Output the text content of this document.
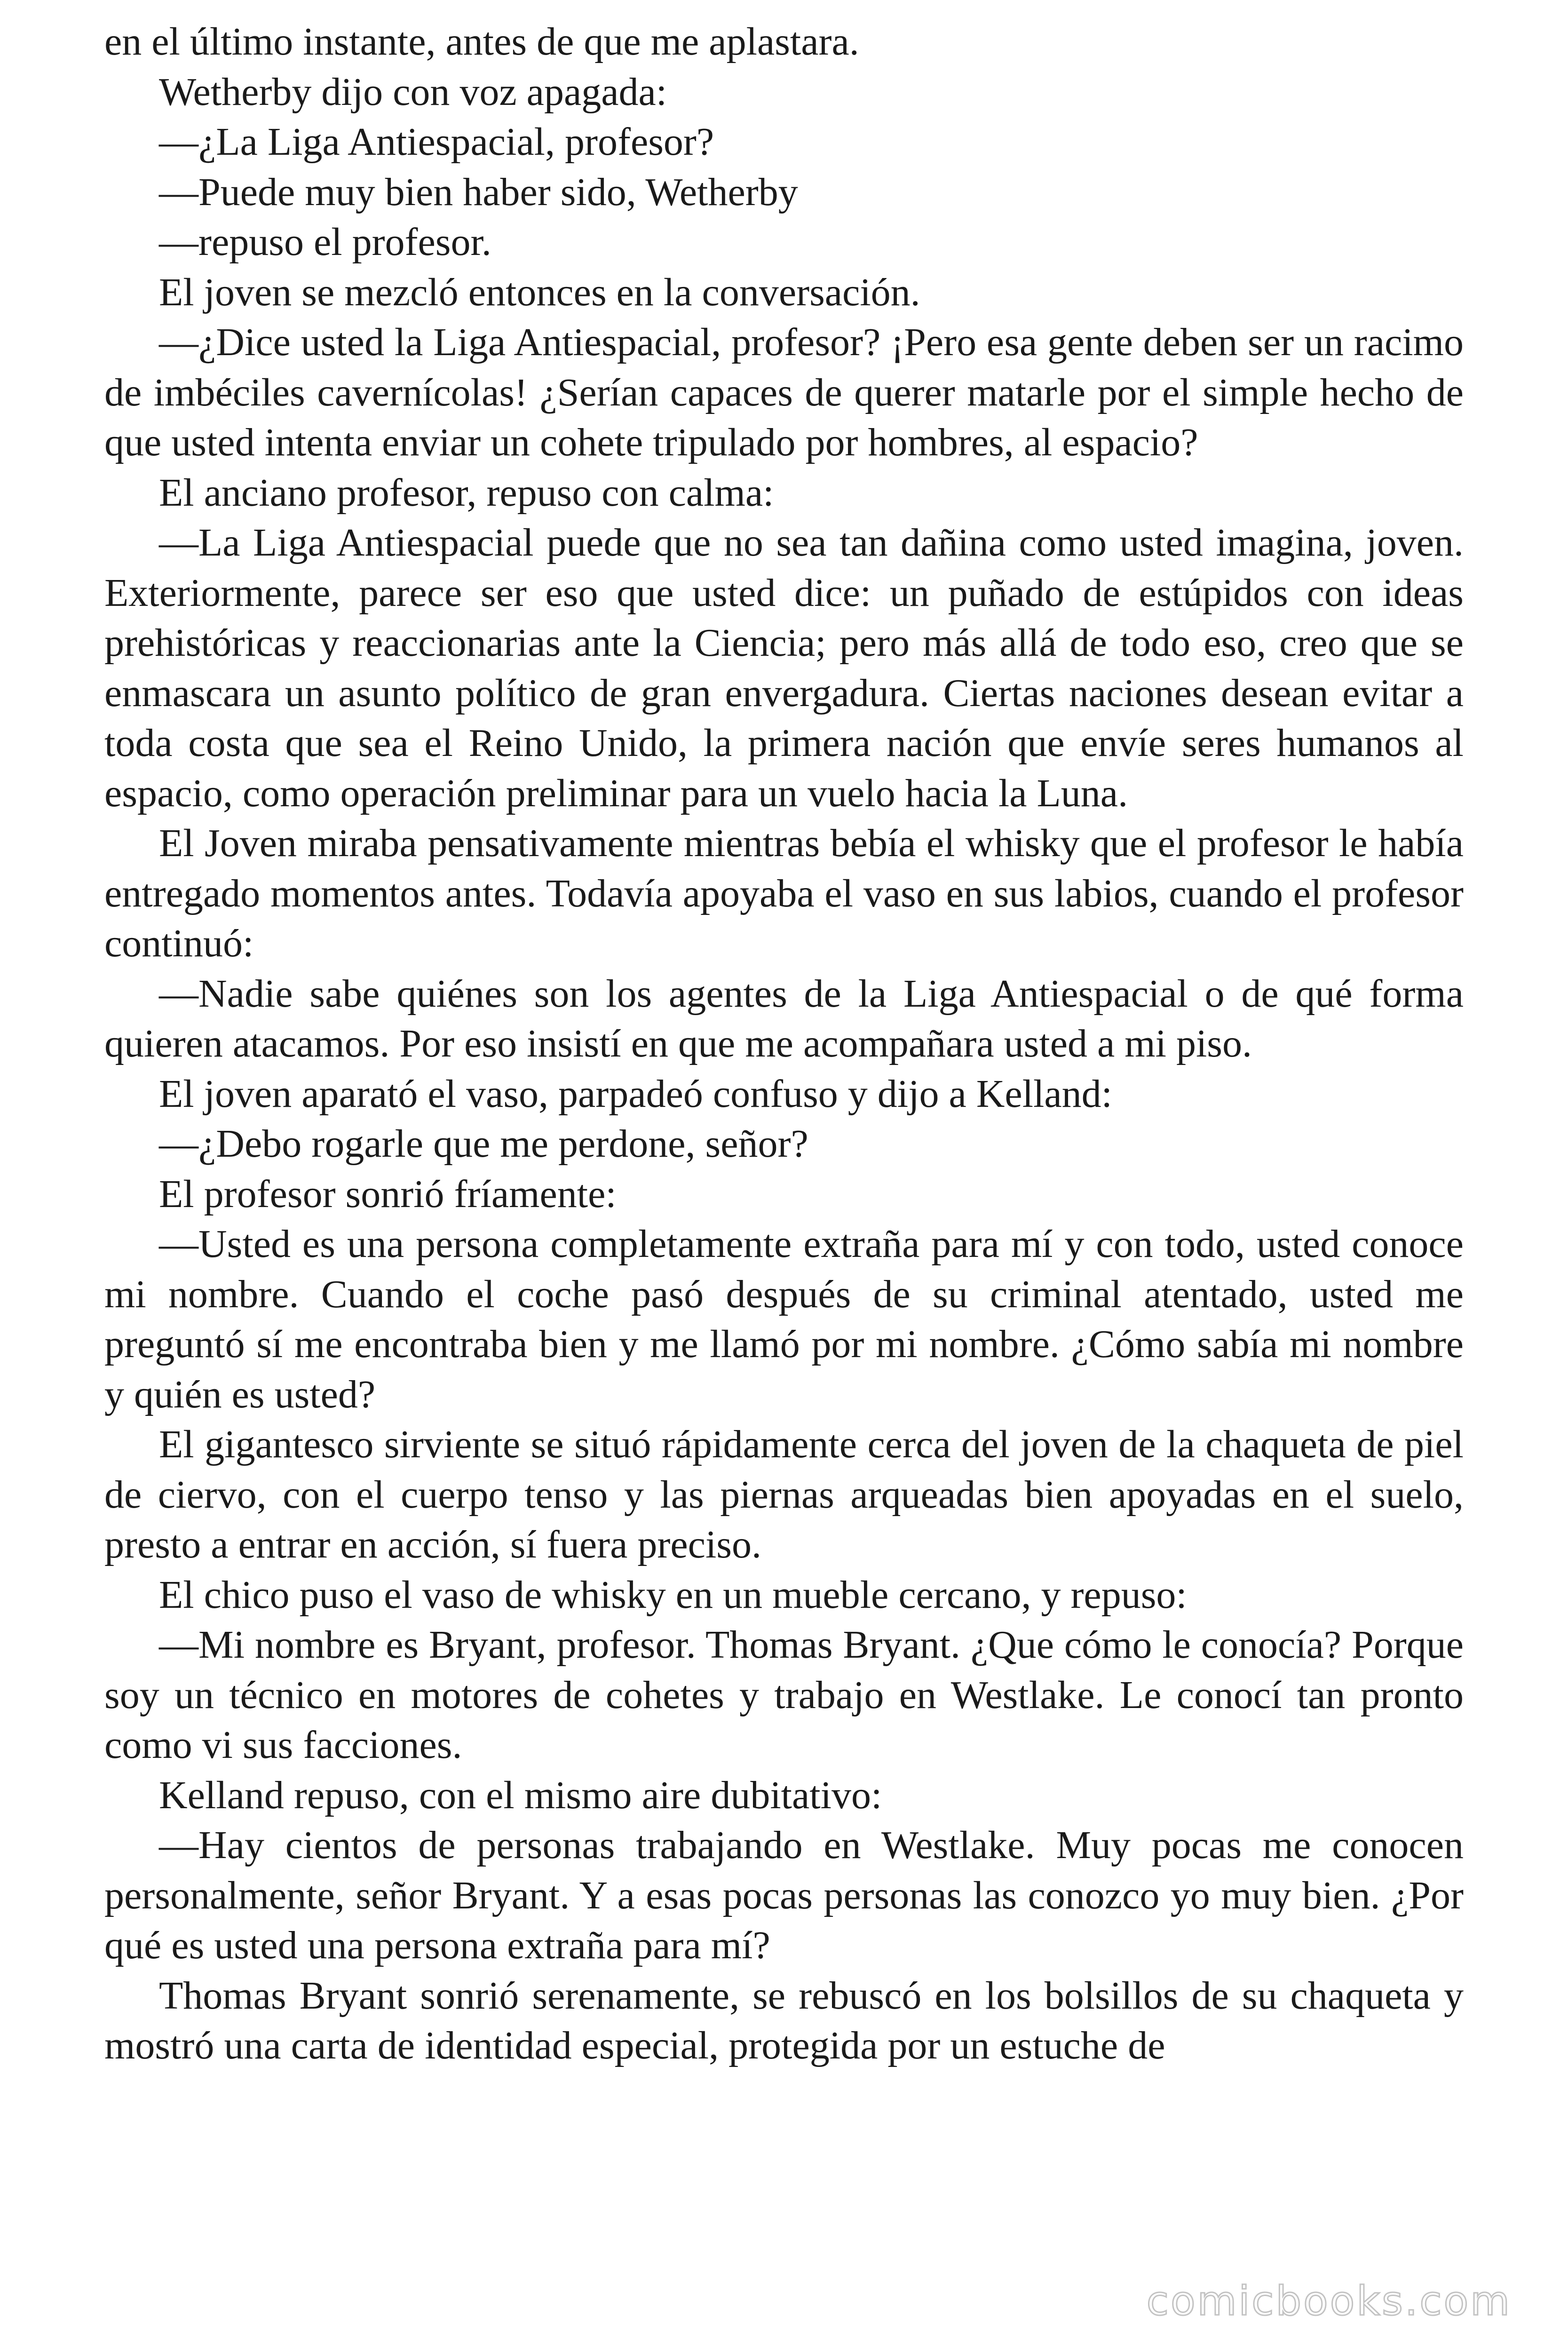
en el último instante, antes de que me aplastara.

Wetherby dijo con voz apagada:

—¿La Liga Antiespacial, profesor?

—Puede muy bien haber sido, Wetherby

—repuso el profesor.

El joven se mezcló entonces en la conversación.

—¿Dice usted la Liga Antiespacial, profesor? ¡Pero esa gente deben ser un racimo de imbéciles cavernícolas! ¿Serían capaces de querer matarle por el simple hecho de que usted intenta enviar un cohete tripulado por hombres, al espacio?

El anciano profesor, repuso con calma:

—La Liga Antiespacial puede que no sea tan dañina como usted imagina, joven. Exteriormente, parece ser eso que usted dice: un puñado de estúpidos con ideas prehistóricas y reaccionarias ante la Ciencia; pero más allá de todo eso, creo que se enmascara un asunto político de gran envergadura. Ciertas naciones desean evitar a toda costa que sea el Reino Unido, la primera nación que envíe seres humanos al espacio, como operación preliminar para un vuelo hacia la Luna.

El Joven miraba pensativamente mientras bebía el whisky que el profesor le había entregado momentos antes. Todavía apoyaba el vaso en sus labios, cuando el profesor continuó:

—Nadie sabe quiénes son los agentes de la Liga Antiespacial o de qué forma quieren atacamos. Por eso insistí en que me acompañara usted a mi piso.

El joven aparató el vaso, parpadeó confuso y dijo a Kelland:

—¿Debo rogarle que me perdone, señor?

El profesor sonrió fríamente:

—Usted es una persona completamente extraña para mí y con todo, usted conoce mi nombre. Cuando el coche pasó después de su criminal atentado, usted me preguntó sí me encontraba bien y me llamó por mi nombre. ¿Cómo sabía mi nombre y quién es usted?

El gigantesco sirviente se situó rápidamente cerca del joven de la chaqueta de piel de ciervo, con el cuerpo tenso y las piernas arqueadas bien apoyadas en el suelo, presto a entrar en acción, sí fuera preciso.

El chico puso el vaso de whisky en un mueble cercano, y repuso:

—Mi nombre es Bryant, profesor. Thomas Bryant. ¿Que cómo le conocía? Porque soy un técnico en motores de cohetes y trabajo en Westlake. Le conocí tan pronto como vi sus facciones.

Kelland repuso, con el mismo aire dubitativo:

—Hay cientos de personas trabajando en Westlake. Muy pocas me conocen personalmente, señor Bryant. Y a esas pocas personas las conozco yo muy bien. ¿Por qué es usted una persona extraña para mí?

Thomas Bryant sonrió serenamente, se rebuscó en los bolsillos de su chaqueta y mostró una carta de identidad especial, protegida por un estuche de

comicbooks.com
